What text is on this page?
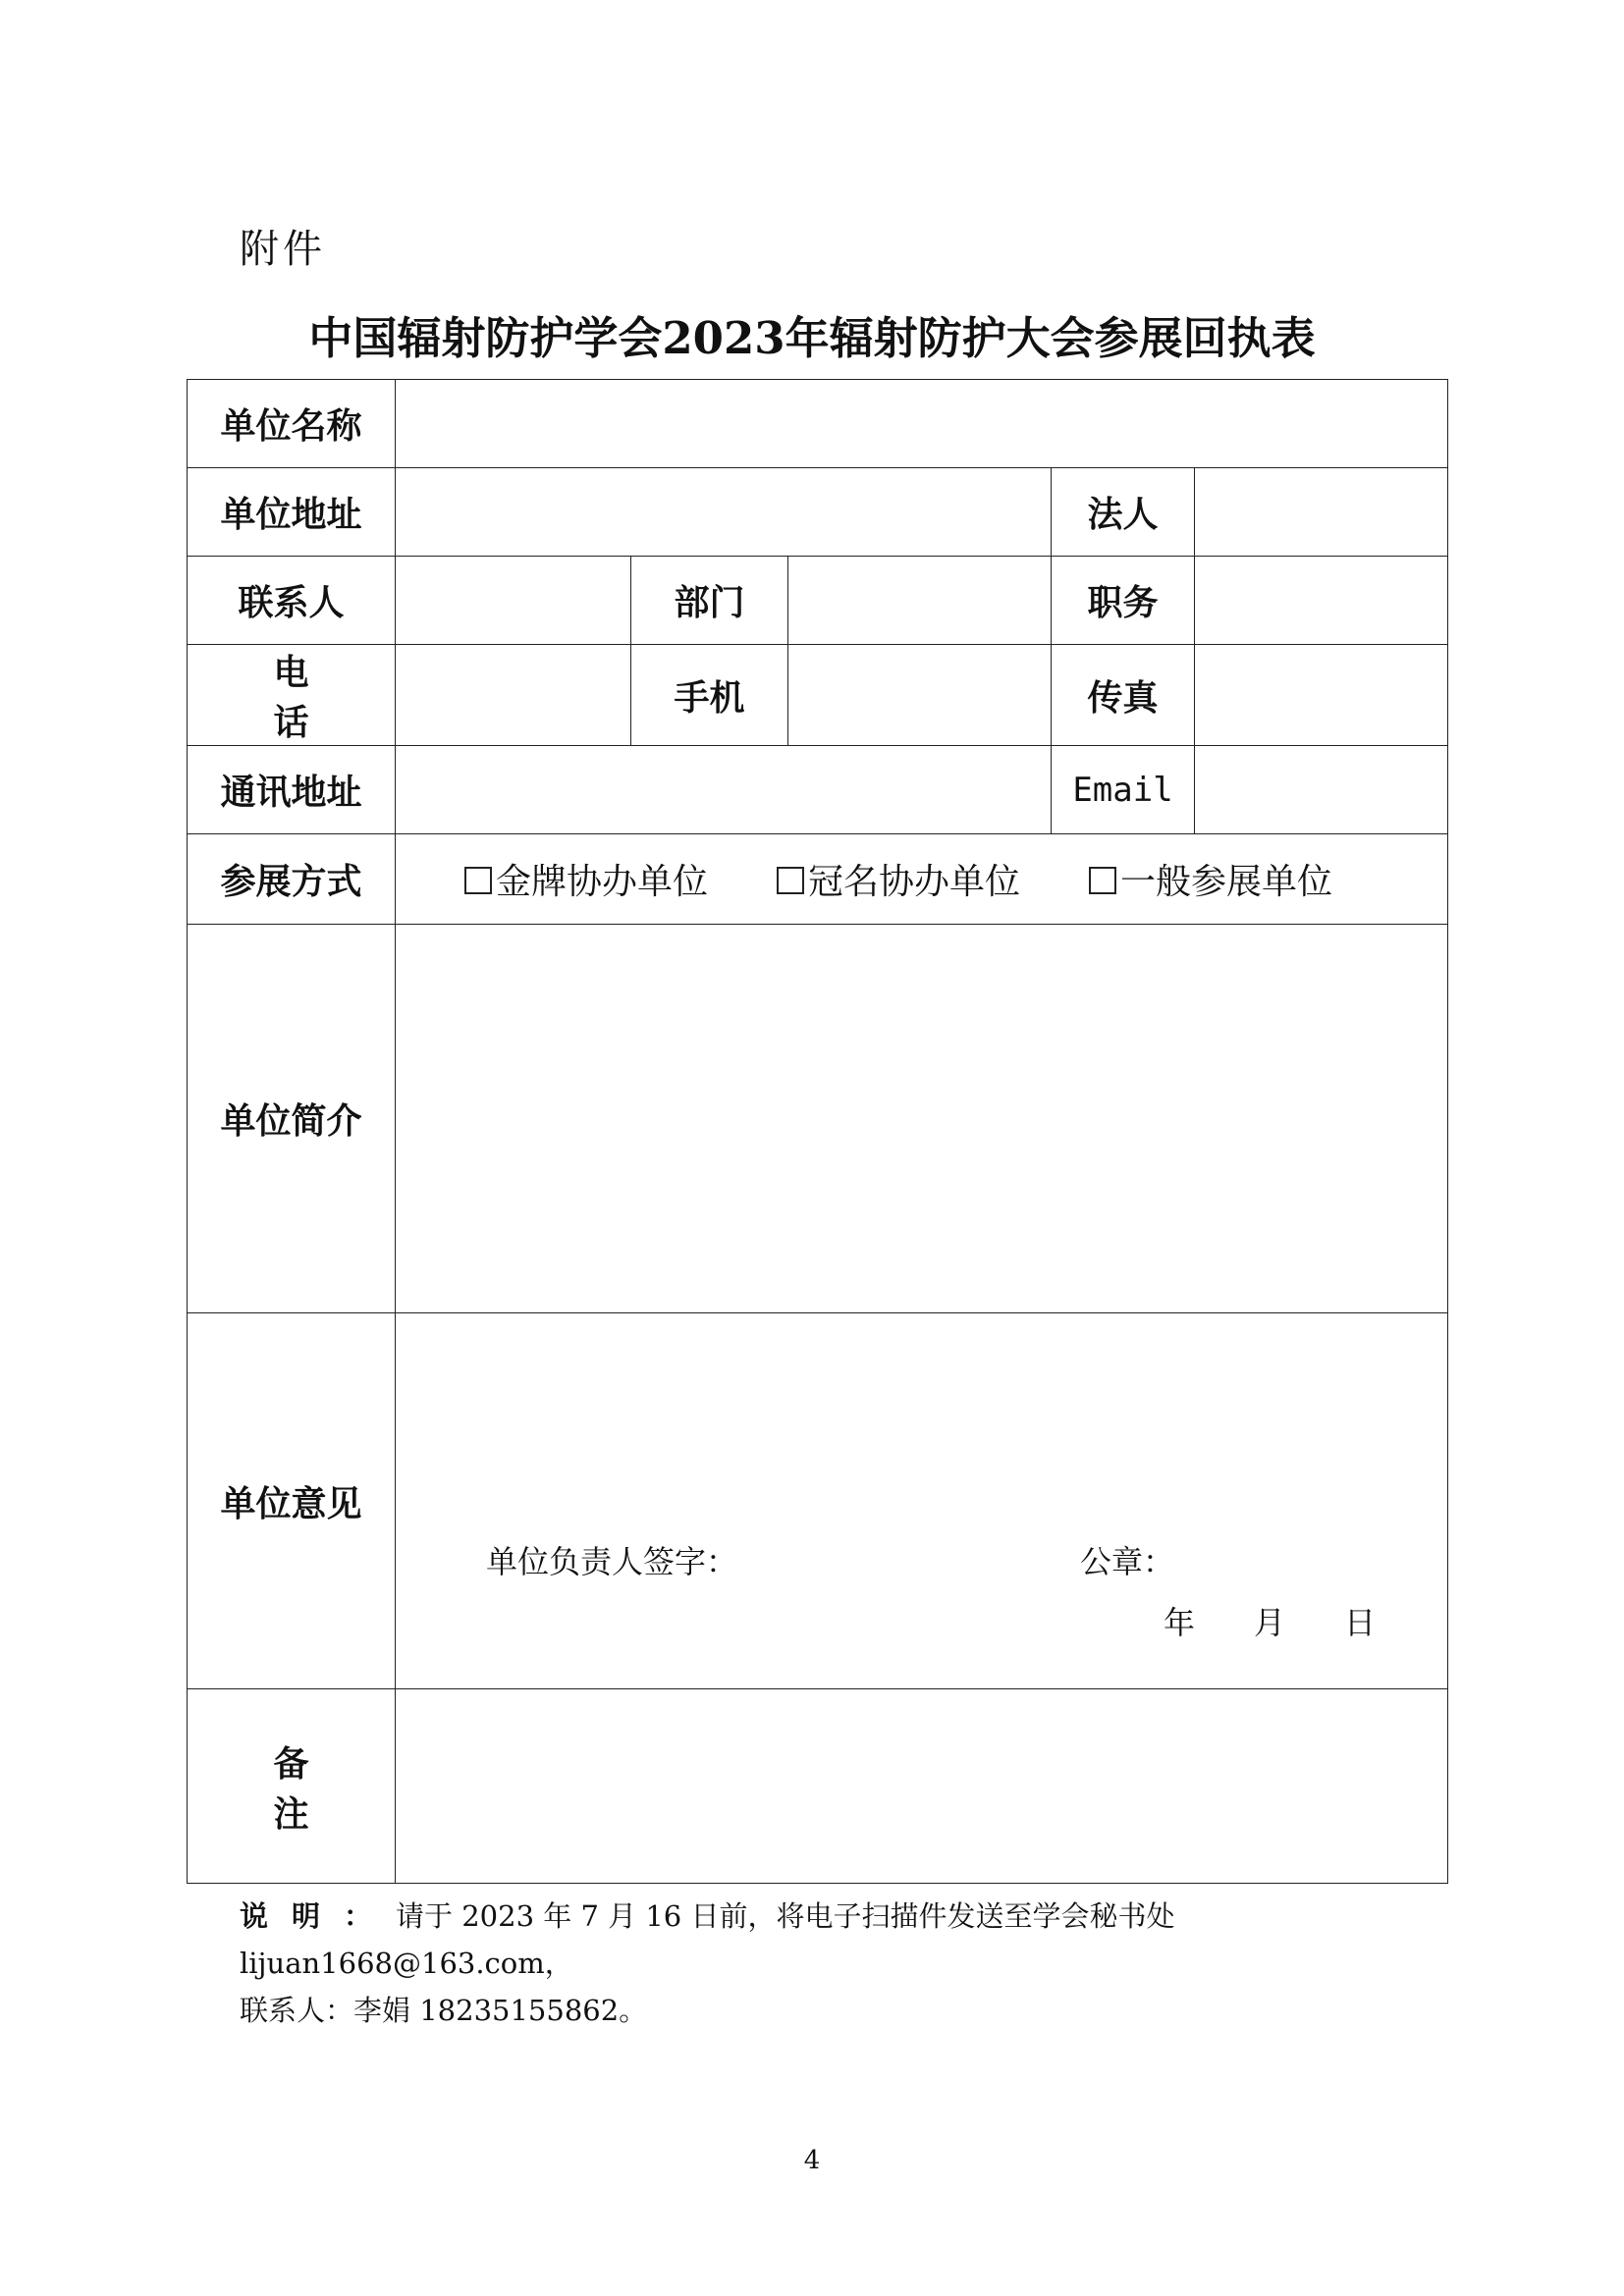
附件
中国辐射防护学会2023年辐射防护大会参展回执表
单位名称					
单位地址				法人	
联系人		部门		职务	
电话		手机		传真	
通讯地址				Email	
参展方式	金牌协办单位 冠名协办单位 一般参展单位				
单位简介					
单位意见	单位负责人签字： 公章：
年 月 日				

备注					
说明：请于 2023 年 7 月 16 日前，将电子扫描件发送至学会秘书处 lijuan1668@163.com，
联系人：李娟 18235155862。
4
